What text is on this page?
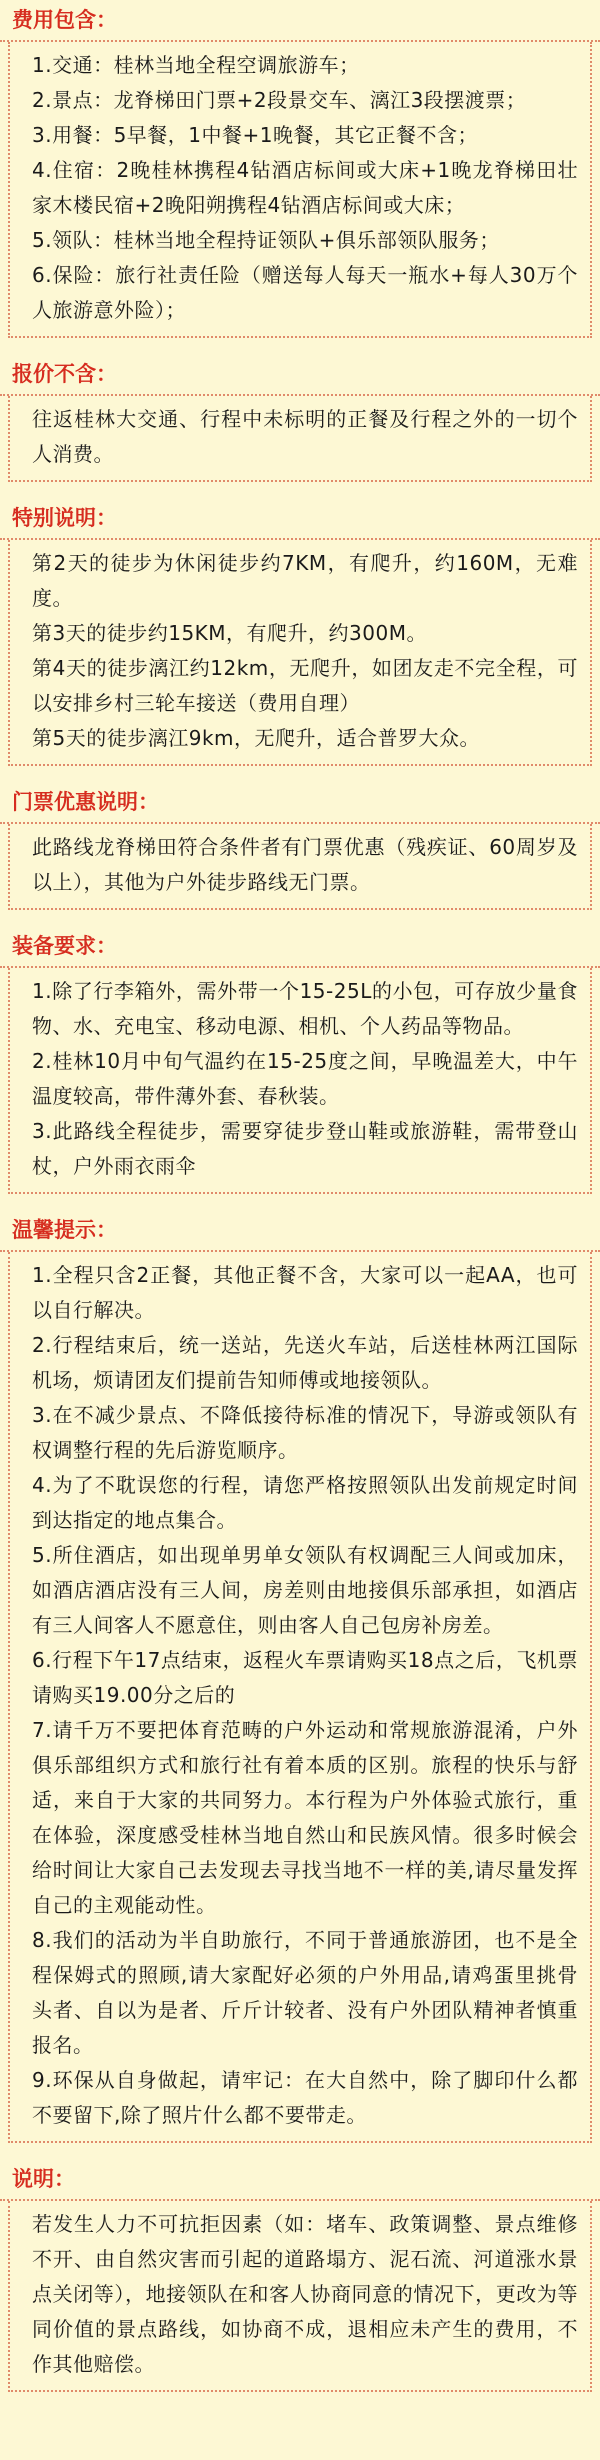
费用包含：

1.交通：桂林当地全程空调旅游车；

2.景点：龙脊梯田门票+2段景交车、漓江3段摆渡票；

3.用餐：5早餐，1中餐+1晚餐，其它正餐不含；

4.住宿：2晚桂林携程4钻酒店标间或大床+1晚龙脊梯田壮家木楼民宿+2晚阳朔携程4钻酒店标间或大床；

5.领队：桂林当地全程持证领队+俱乐部领队服务；

6.保险：旅行社责任险（赠送每人每天一瓶水+每人30万个人旅游意外险）；

报价不含：

往返桂林大交通、行程中未标明的正餐及行程之外的一切个人消费。

特别说明：

第2天的徒步为休闲徒步约7KM，有爬升，约160M，无难度。

第3天的徒步约15KM，有爬升，约300M。

第4天的徒步漓江约12km，无爬升，如团友走不完全程，可以安排乡村三轮车接送（费用自理）

第5天的徒步漓江9km，无爬升，适合普罗大众。

门票优惠说明：

此路线龙脊梯田符合条件者有门票优惠（残疾证、60周岁及以上），其他为户外徒步路线无门票。

装备要求：

1.除了行李箱外，需外带一个15-25L的小包，可存放少量食物、水、充电宝、移动电源、相机、个人药品等物品。

2.桂林10月中旬气温约在15-25度之间，早晚温差大，中午温度较高，带件薄外套、春秋装。

3.此路线全程徒步，需要穿徒步登山鞋或旅游鞋，需带登山杖，户外雨衣雨伞

温馨提示：

1.全程只含2正餐，其他正餐不含，大家可以一起AA，也可以自行解决。

2.行程结束后，统一送站，先送火车站，后送桂林两江国际机场，烦请团友们提前告知师傅或地接领队。

3.在不减少景点、不降低接待标准的情况下，导游或领队有权调整行程的先后游览顺序。

4.为了不耽误您的行程，请您严格按照领队出发前规定时间到达指定的地点集合。

5.所住酒店，如出现单男单女领队有权调配三人间或加床，如酒店酒店没有三人间，房差则由地接俱乐部承担，如酒店有三人间客人不愿意住，则由客人自己包房补房差。

6.行程下午17点结束，返程火车票请购买18点之后，飞机票请购买19.00分之后的

7.请千万不要把体育范畴的户外运动和常规旅游混淆，户外俱乐部组织方式和旅行社有着本质的区别。旅程的快乐与舒适，来自于大家的共同努力。本行程为户外体验式旅行，重在体验，深度感受桂林当地自然山和民族风情。很多时候会给时间让大家自己去发现去寻找当地不一样的美,请尽量发挥自己的主观能动性。

8.我们的活动为半自助旅行，不同于普通旅游团，也不是全程保姆式的照顾,请大家配好必须的户外用品,请鸡蛋里挑骨头者、自以为是者、斤斤计较者、没有户外团队精神者慎重报名。

9.环保从自身做起，请牢记：在大自然中，除了脚印什么都不要留下,除了照片什么都不要带走。

说明：

若发生人力不可抗拒因素（如：堵车、政策调整、景点维修不开、由自然灾害而引起的道路塌方、泥石流、河道涨水景点关闭等），地接领队在和客人协商同意的情况下，更改为等同价值的景点路线，如协商不成，退相应未产生的费用，不作其他赔偿。
